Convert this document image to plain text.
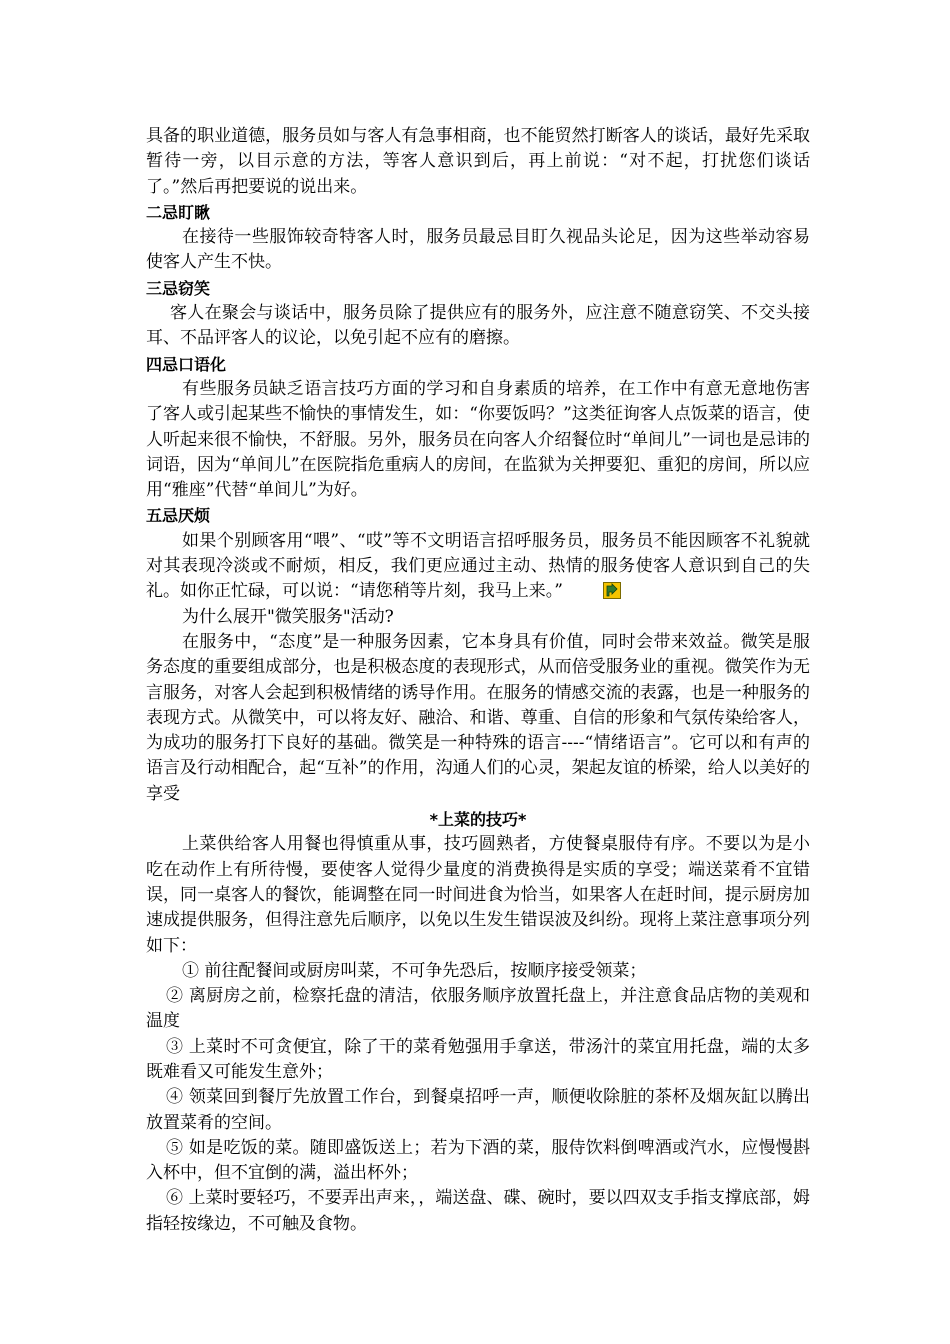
具备的职业道德，服务员如与客人有急事相商，也不能贸然打断客人的谈话，最好先采取暂待一旁，以目示意的方法，等客人意识到后，再上前说：“对不起，打扰您们谈话了。”然后再把要说的说出来。

二忌盯瞅

在接待一些服饰较奇特客人时，服务员最忌目盯久视品头论足，因为这些举动容易使客人产生不快。

三忌窃笑

客人在聚会与谈话中，服务员除了提供应有的服务外，应注意不随意窃笑、不交头接耳、不品评客人的议论，以免引起不应有的磨擦。

四忌口语化

有些服务员缺乏语言技巧方面的学习和自身素质的培养，在工作中有意无意地伤害了客人或引起某些不愉快的事情发生，如：“你要饭吗？”这类征询客人点饭菜的语言，使人听起来很不愉快，不舒服。另外，服务员在向客人介绍餐位时“单间儿”一词也是忌讳的词语，因为“单间儿”在医院指危重病人的房间，在监狱为关押要犯、重犯的房间，所以应用“雅座”代替“单间儿”为好。

五忌厌烦

如果个别顾客用“喂”、“哎”等不文明语言招呼服务员，服务员不能因顾客不礼貌就对其表现冷淡或不耐烦，相反，我们更应通过主动、热情的服务使客人意识到自己的失礼。如你正忙碌，可以说：“请您稍等片刻，我马上来。”

为什么展开"微笑服务"活动?

在服务中，“态度”是一种服务因素，它本身具有价值，同时会带来效益。微笑是服务态度的重要组成部分，也是积极态度的表现形式，从而倍受服务业的重视。微笑作为无言服务，对客人会起到积极情绪的诱导作用。在服务的情感交流的表露，也是一种服务的表现方式。从微笑中，可以将友好、融洽、和谐、尊重、自信的形象和气氛传染给客人，为成功的服务打下良好的基础。微笑是一种特殊的语言----“情绪语言”。它可以和有声的语言及行动相配合，起“互补”的作用，沟通人们的心灵，架起友谊的桥梁，给人以美好的享受

*上菜的技巧*

上菜供给客人用餐也得慎重从事，技巧圆熟者，方使餐桌服侍有序。不要以为是小吃在动作上有所待慢，要使客人觉得少量度的消费换得是实质的享受；端送菜肴不宜错误，同一桌客人的餐饮，能调整在同一时间进食为恰当，如果客人在赶时间，提示厨房加速成提供服务，但得注意先后顺序，以免以生发生错误波及纠纷。现将上菜注意事项分列如下：

① 前往配餐间或厨房叫菜，不可争先恐后，按顺序接受领菜；

② 离厨房之前，检察托盘的清洁，依服务顺序放置托盘上，并注意食品店物的美观和温度

③ 上菜时不可贪便宜，除了干的菜肴勉强用手拿送，带汤汁的菜宜用托盘，端的太多既难看又可能发生意外；

④ 领菜回到餐厅先放置工作台，到餐桌招呼一声，顺便收除脏的茶杯及烟灰缸以腾出放置菜肴的空间。

⑤ 如是吃饭的菜。随即盛饭送上；若为下酒的菜，服侍饮料倒啤酒或汽水，应慢慢斟入杯中，但不宜倒的满，溢出杯外；

⑥ 上菜时要轻巧，不要弄出声来，，端送盘、碟、碗时，要以四双支手指支撑底部，姆指轻按缘边，不可触及食物。
